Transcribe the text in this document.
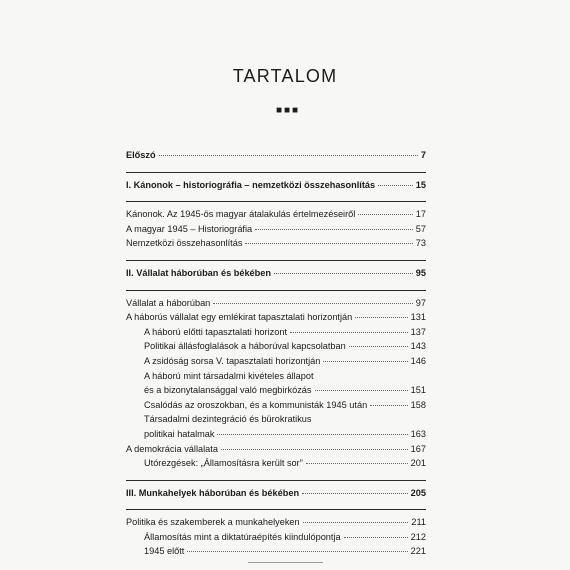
TARTALOM
■■■
Előszó	7
I. Kánonok – historiográfia – nemzetközi összehasonlítás	15
Kánonok. Az 1945-ös magyar átalakulás értelmezéseiről	17
A magyar 1945 – Historiográfia	57
Nemzetközi összehasonlítás	73
II. Vállalat háborúban és békében	95
Vállalat a háborúban	97
A háborús vállalat egy emlékirat tapasztalati horizontján	131
A háború előtti tapasztalati horizont	137
Politikai állásfoglalások a háborúval kapcsolatban	143
A zsidóság sorsa V. tapasztalati horizontján	146
A háború mint társadalmi kivételes állapot
és a bizonytalansággal való megbirkózás	151
Csalódás az oroszokban, és a kommunisták 1945 után	158
Társadalmi dezintegráció és bürokratikus
politikai hatalmak	163
A demokrácia vállalata	167
Utórezgések: „Államosításra került sor”	201
III. Munkahelyek háborúban és békében	205
Politika és szakemberek a munkahelyeken	211
Államosítás mint a diktatúraépítés kiindulópontja	212
1945 előtt	221
